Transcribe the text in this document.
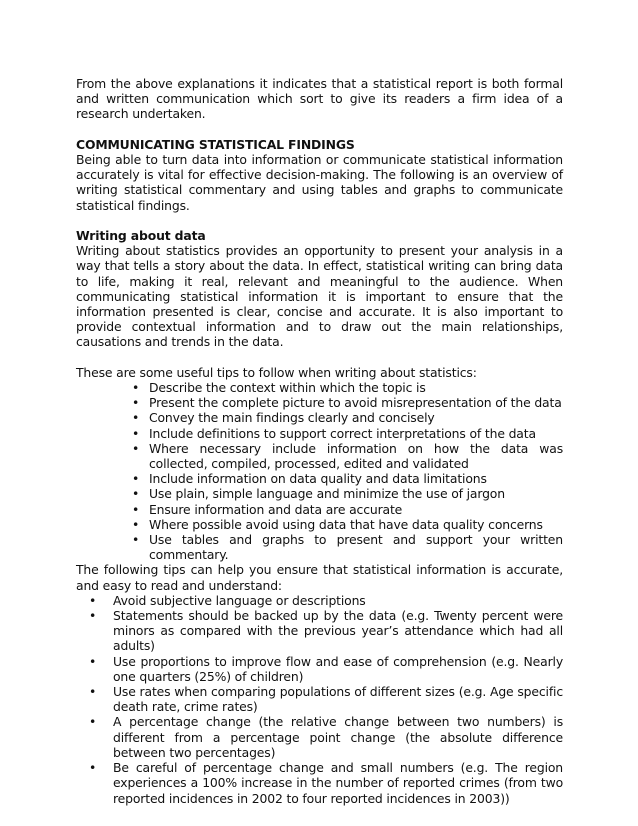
From the above explanations it indicates that a statistical report is both formal and written communication which sort to give its readers a firm idea of a research undertaken.

COMMUNICATING STATISTICAL FINDINGS

Being able to turn data into information or communicate statistical information accurately is vital for effective decision-making. The following is an overview of writing statistical commentary and using tables and graphs to communicate statistical findings.

Writing about data

Writing about statistics provides an opportunity to present your analysis in a way that tells a story about the data. In effect, statistical writing can bring data to life, making it real, relevant and meaningful to the audience. When communicating statistical information it is important to ensure that the information presented is clear, concise and accurate. It is also important to provide contextual information and to draw out the main relationships, causations and trends in the data.

These are some useful tips to follow when writing about statistics:

• Describe the context within which the topic is
• Present the complete picture to avoid misrepresentation of the data
• Convey the main findings clearly and concisely
• Include definitions to support correct interpretations of the data
• Where necessary include information on how the data was collected, compiled, processed, edited and validated
• Include information on data quality and data limitations
• Use plain, simple language and minimize the use of jargon
• Ensure information and data are accurate
• Where possible avoid using data that have data quality concerns
• Use tables and graphs to present and support your written commentary.

The following tips can help you ensure that statistical information is accurate, and easy to read and understand:

• Avoid subjective language or descriptions
• Statements should be backed up by the data (e.g. Twenty percent were minors as compared with the previous year’s attendance which had all adults)
• Use proportions to improve flow and ease of comprehension (e.g. Nearly one quarters (25%) of children)
• Use rates when comparing populations of different sizes (e.g. Age specific death rate, crime rates)
• A percentage change (the relative change between two numbers) is different from a percentage point change (the absolute difference between two percentages)
• Be careful of percentage change and small numbers (e.g. The region experiences a 100% increase in the number of reported crimes (from two reported incidences in 2002 to four reported incidences in 2003))
